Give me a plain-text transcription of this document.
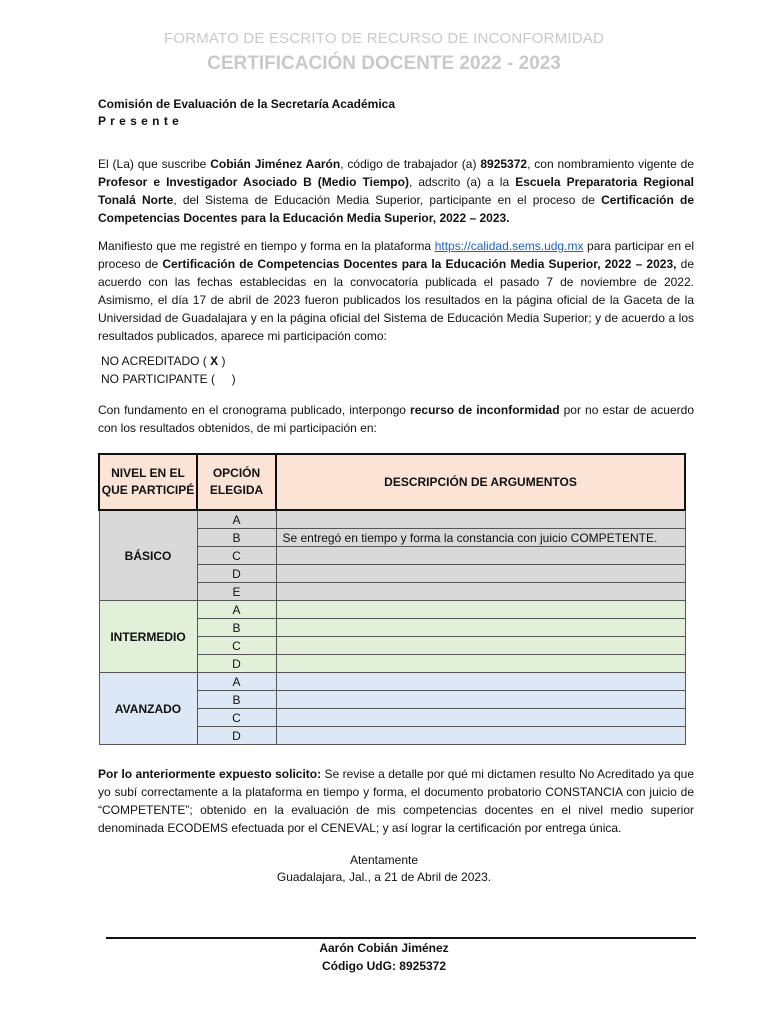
FORMATO DE ESCRITO DE RECURSO DE INCONFORMIDAD
CERTIFICACIÓN DOCENTE 2022 - 2023
Comisión de Evaluación de la Secretaría Académica
P r e s e n t e
El (La) que suscribe Cobián Jiménez Aarón, código de trabajador (a) 8925372, con nombramiento vigente de Profesor e Investigador Asociado B (Medio Tiempo), adscrito (a) a la Escuela Preparatoria Regional Tonalá Norte, del Sistema de Educación Media Superior, participante en el proceso de Certificación de Competencias Docentes para la Educación Media Superior, 2022 – 2023.
Manifiesto que me registré en tiempo y forma en la plataforma https://calidad.sems.udg.mx para participar en el proceso de Certificación de Competencias Docentes para la Educación Media Superior, 2022 – 2023, de acuerdo con las fechas establecidas en la convocatoria publicada el pasado 7 de noviembre de 2022. Asimismo, el día 17 de abril de 2023 fueron publicados los resultados en la página oficial de la Gaceta de la Universidad de Guadalajara y en la página oficial del Sistema de Educación Media Superior; y de acuerdo a los resultados publicados, aparece mi participación como:
NO ACREDITADO ( X )
NO PARTICIPANTE (     )
Con fundamento en el cronograma publicado, interpongo recurso de inconformidad por no estar de acuerdo con los resultados obtenidos, de mi participación en:
NIVEL EN EL QUE PARTICIPÉ	OPCIÓN ELEGIDA	DESCRIPCIÓN DE ARGUMENTOS
BÁSICO	A	
	B	Se entregó en tiempo y forma la constancia con juicio COMPETENTE.
	C	
	D	
	E	
INTERMEDIO	A	
	B	
	C	
	D	
AVANZADO	A	
	B	
	C	
	D	
Por lo anteriormente expuesto solicito: Se revise a detalle por qué mi dictamen resulto No Acreditado ya que yo subí correctamente a la plataforma en tiempo y forma, el documento probatorio CONSTANCIA con juicio de “COMPETENTE”; obtenido en la evaluación de mis competencias docentes en el nivel medio superior denominada ECODEMS efectuada por el CENEVAL; y así lograr la certificación por entrega única.
Atentamente
Guadalajara, Jal., a 21 de Abril de 2023.
Aarón Cobián Jiménez
Código UdG: 8925372
